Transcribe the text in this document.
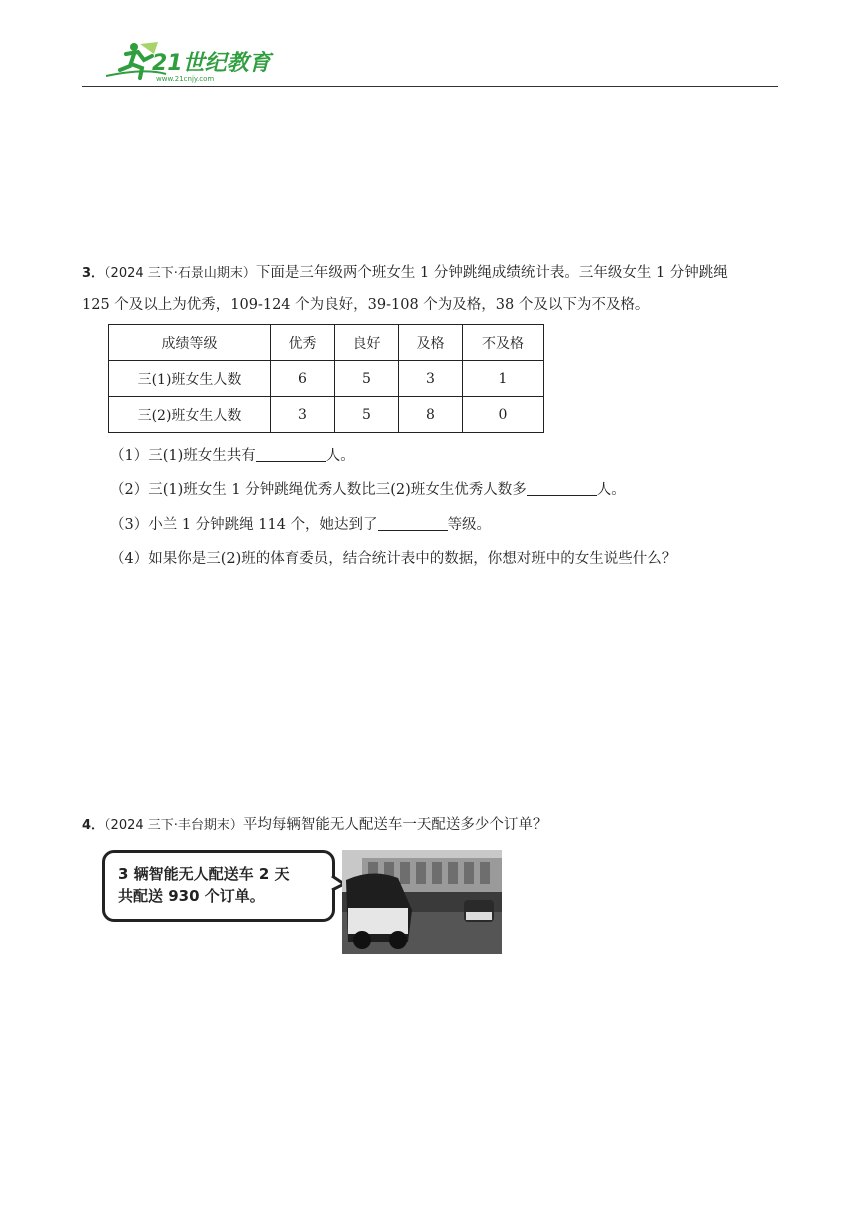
21世纪教育
www.21cnjy.com
3．（2024 三下·石景山期末）下面是三年级两个班女生 1 分钟跳绳成绩统计表。三年级女生 1 分钟跳绳
125 个及以上为优秀，109-124 个为良好，39-108 个为及格，38 个及以下为不及格。
成绩等级	优秀	良好	及格	不及格
三(1)班女生人数	6	5	3	1
三(2)班女生人数	3	5	8	0
（1）三(1)班女生共有	人。
（2）三(1)班女生 1 分钟跳绳优秀人数比三(2)班女生优秀人数多	人。
（3）小兰 1 分钟跳绳 114 个，她达到了	等级。
（4）如果你是三(2)班的体育委员，结合统计表中的数据，你想对班中的女生说些什么？
4．（2024 三下·丰台期末）平均每辆智能无人配送车一天配送多少个订单？
3 辆智能无人配送车 2 天
共配送 930 个订单。
